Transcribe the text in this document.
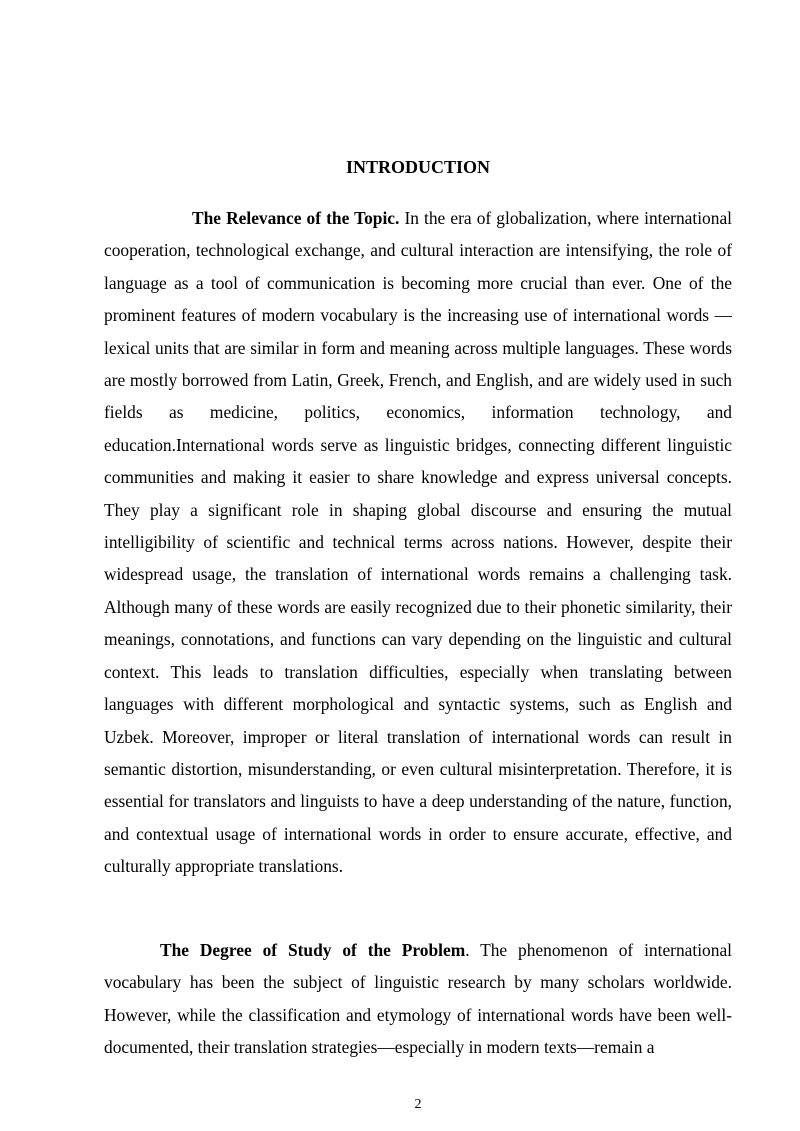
INTRODUCTION

The Relevance of the Topic. In the era of globalization, where international cooperation, technological exchange, and cultural interaction are intensifying, the role of language as a tool of communication is becoming more crucial than ever. One of the prominent features of modern vocabulary is the increasing use of international words — lexical units that are similar in form and meaning across multiple languages. These words are mostly borrowed from Latin, Greek, French, and English, and are widely used in such fields as medicine, politics, economics, information technology, and education.International words serve as linguistic bridges, connecting different linguistic communities and making it easier to share knowledge and express universal concepts. They play a significant role in shaping global discourse and ensuring the mutual intelligibility of scientific and technical terms across nations. However, despite their widespread usage, the translation of international words remains a challenging task. Although many of these words are easily recognized due to their phonetic similarity, their meanings, connotations, and functions can vary depending on the linguistic and cultural context. This leads to translation difficulties, especially when translating between languages with different morphological and syntactic systems, such as English and Uzbek. Moreover, improper or literal translation of international words can result in semantic distortion, misunderstanding, or even cultural misinterpretation. Therefore, it is essential for translators and linguists to have a deep understanding of the nature, function, and contextual usage of international words in order to ensure accurate, effective, and culturally appropriate translations.

The Degree of Study of the Problem. The phenomenon of international vocabulary has been the subject of linguistic research by many scholars worldwide. However, while the classification and etymology of international words have been well-documented, their translation strategies—especially in modern texts—remain a

2
